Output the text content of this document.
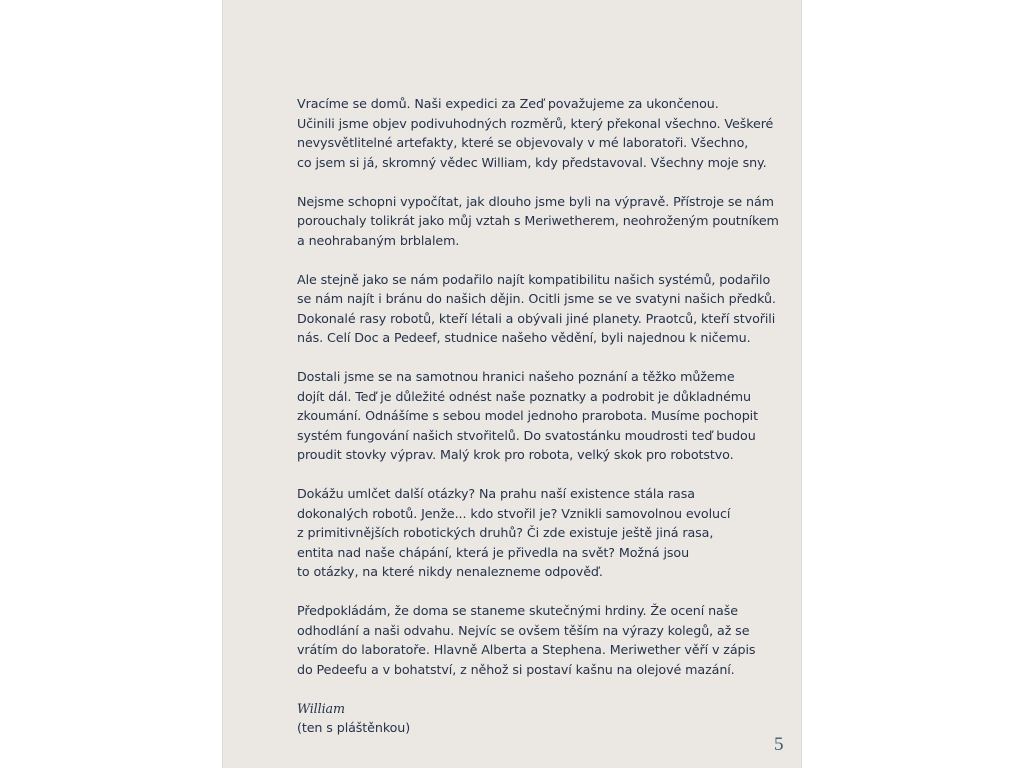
Vracíme se domů. Naši expedici za Zeď považujeme za ukončenou.
Učinili jsme objev podivuhodných rozměrů, který překonal všechno. Veškeré
nevysvětlitelné artefakty, které se objevovaly v mé laboratoři. Všechno,
co jsem si já, skromný vědec William, kdy představoval. Všechny moje sny.
Nejsme schopni vypočítat, jak dlouho jsme byli na výpravě. Přístroje se nám
porouchaly tolikrát jako můj vztah s Meriwetherem, neohroženým poutníkem
a neohrabaným brblalem.
Ale stejně jako se nám podařilo najít kompatibilitu našich systémů, podařilo
se nám najít i bránu do našich dějin. Ocitli jsme se ve svatyni našich předků.
Dokonalé rasy robotů, kteří létali a obývali jiné planety. Praotců, kteří stvořili
nás. Celí Doc a Pedeef, studnice našeho vědění, byli najednou k ničemu.
Dostali jsme se na samotnou hranici našeho poznání a těžko můžeme
dojít dál. Teď je důležité odnést naše poznatky a podrobit je důkladnému
zkoumání. Odnášíme s sebou model jednoho prarobota. Musíme pochopit
systém fungování našich stvořitelů. Do svatostánku moudrosti teď budou
proudit stovky výprav. Malý krok pro robota, velký skok pro robotstvo.
Dokážu umlčet další otázky? Na prahu naší existence stála rasa
dokonalých robotů. Jenže... kdo stvořil je? Vznikli samovolnou evolucí
z primitivnějších robotických druhů? Či zde existuje ještě jiná rasa,
entita nad naše chápání, která je přivedla na svět? Možná jsou
to otázky, na které nikdy nenalezneme odpověď.
Předpokládám, že doma se staneme skutečnými hrdiny. Že ocení naše
odhodlání a naši odvahu. Nejvíc se ovšem těším na výrazy kolegů, až se
vrátím do laboratoře. Hlavně Alberta a Stephena. Meriwether věří v zápis
do Pedeefu a v bohatství, z něhož si postaví kašnu na olejové mazání.
William
(ten s pláštěnkou)
5
